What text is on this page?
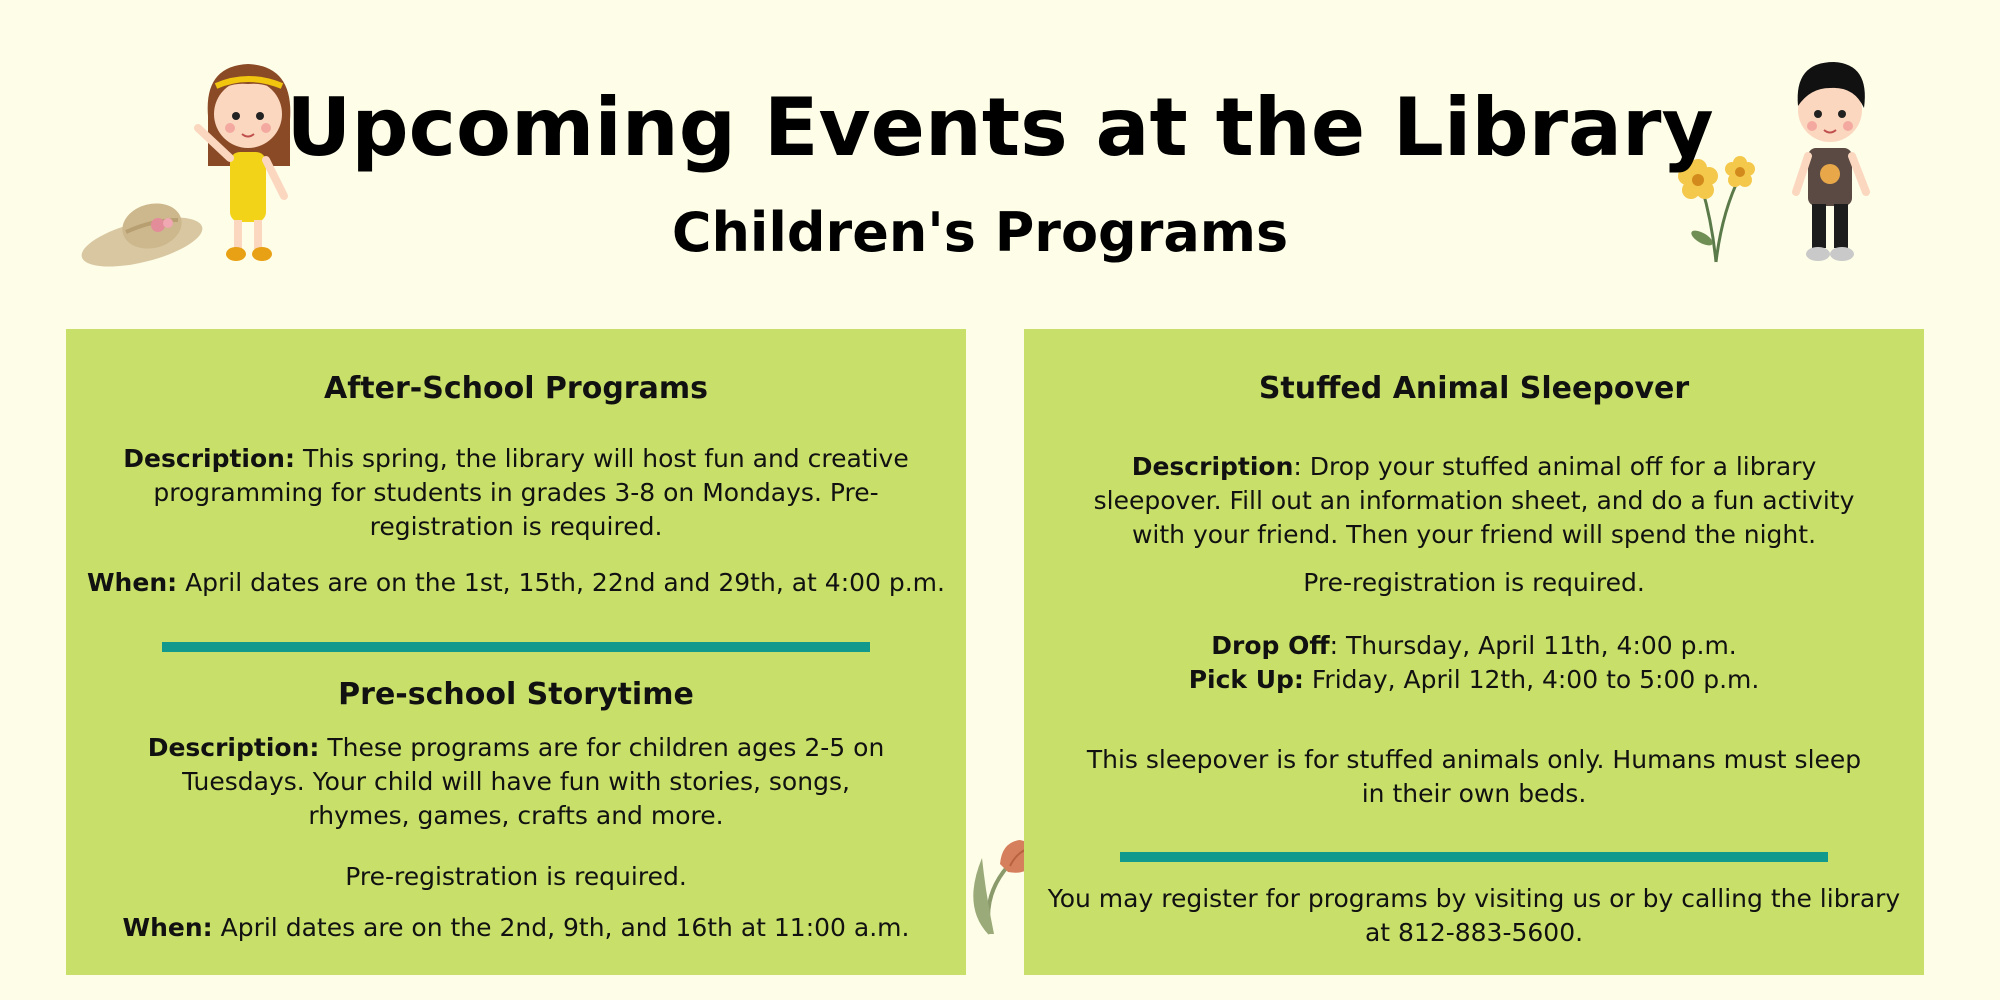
Upcoming Events at the Library
Children's Programs
After-School Programs
Description: This spring, the library will host fun and creative programming for students in grades 3-8 on Mondays. Pre-registration is required.
When: April dates are on the 1st, 15th, 22nd and 29th, at 4:00 p.m.
Pre-school Storytime
Description: These programs are for children ages 2-5 on Tuesdays. Your child will have fun with stories, songs, rhymes, games, crafts and more.
Pre-registration is required.
When: April dates are on the 2nd, 9th, and 16th at 11:00 a.m.
Stuffed Animal Sleepover
Description: Drop your stuffed animal off for a library sleepover. Fill out an information sheet, and do a fun activity with your friend. Then your friend will spend the night.
Pre-registration is required.
Drop Off: Thursday, April 11th, 4:00 p.m.
Pick Up: Friday, April 12th, 4:00 to 5:00 p.m.
This sleepover is for stuffed animals only. Humans must sleep in their own beds.
You may register for programs by visiting us or by calling the library at 812-883-5600.
